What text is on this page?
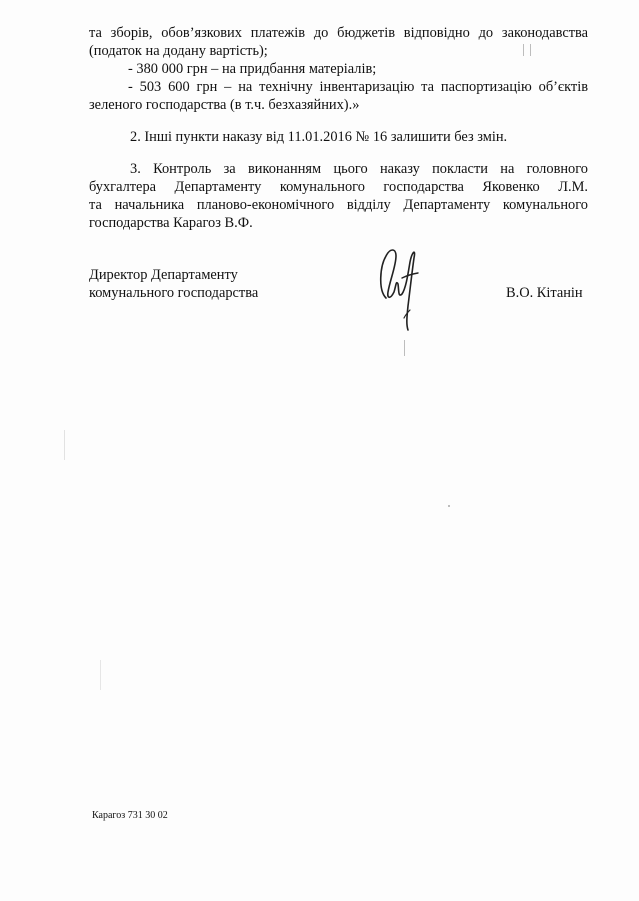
та зборів, обов’язкових платежів до бюджетів відповідно до законодавства
(податок на додану вартість);
- 380 000 грн – на придбання матеріалів;
- 503 600 грн – на технічну інвентаризацію та паспортизацію об’єктів
зеленого господарства (в т.ч. безхазяйних).»
2. Інші пункти наказу від 11.01.2016 № 16 залишити без змін.
3. Контроль за виконанням цього наказу покласти на головного
бухгалтера Департаменту комунального господарства Яковенко Л.М.
та начальника планово-економічного відділу Департаменту комунального
господарства Карагоз В.Ф.
Директор Департаменту
комунального господарства	В.О. Кітанін
Карагоз 731 30 02
